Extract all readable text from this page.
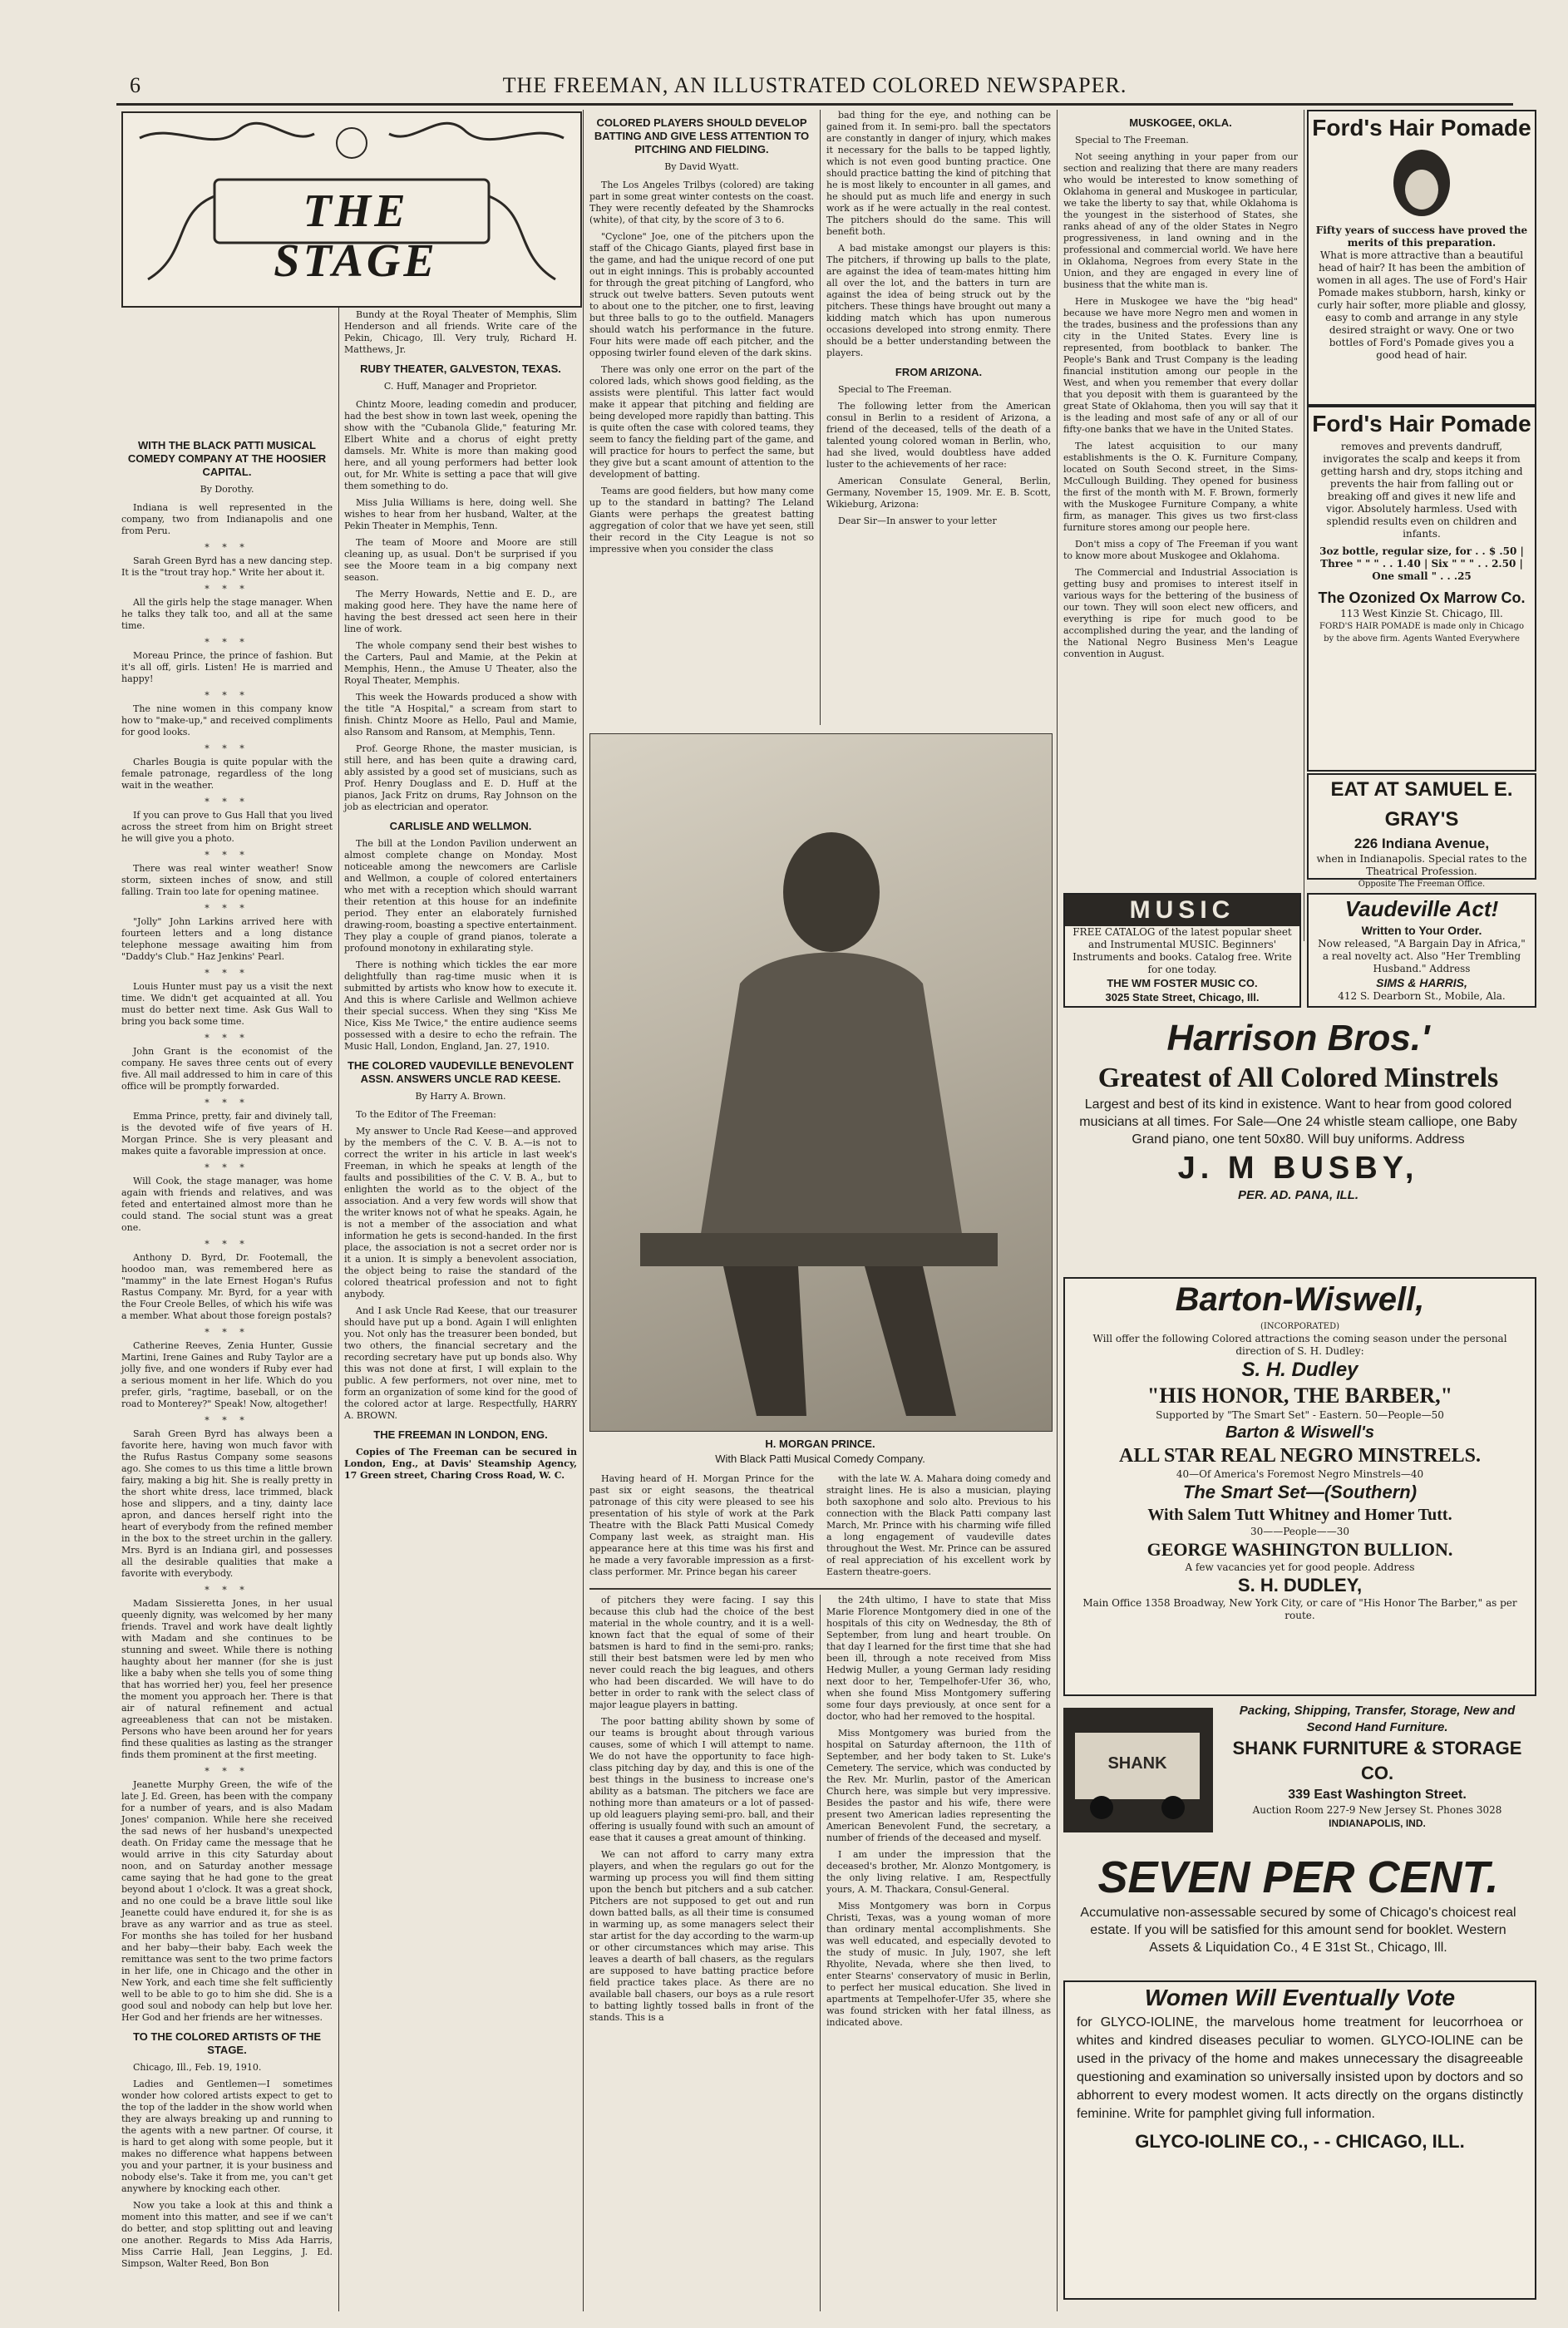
6	THE FREEMAN, AN ILLUSTRATED COLORED NEWSPAPER.
THE STAGE
WITH THE BLACK PATTI MUSICAL COMEDY COMPANY AT THE HOOSIER CAPITAL.
By Dorothy.

Indiana is well represented in the company, two from Indianapolis and one from Peru.

* * *

Sarah Green Byrd has a new dancing step. It is the "trout tray hop." Write her about it.

* * *

All the girls help the stage manager. When he talks they talk too, and all at the same time.

* * *

Moreau Prince, the prince of fashion. But it's all off, girls. Listen! He is married and happy!

* * *

The nine women in this company know how to "make-up," and received compliments for good looks.

* * *

Charles Bougia is quite popular with the female patronage, regardless of the long wait in the weather.

* * *

If you can prove to Gus Hall that you lived across the street from him on Bright street he will give you a photo.

* * *

There was real winter weather! Snow storm, sixteen inches of snow, and still falling. Train too late for opening matinee.

* * *

"Jolly" John Larkins arrived here with fourteen letters and a long distance telephone message awaiting him from "Daddy's Club." Haz Jenkins' Pearl.

* * *

Louis Hunter must pay us a visit the next time. We didn't get acquainted at all. You must do better next time. Ask Gus Wall to bring you back some time.

* * *

John Grant is the economist of the company. He saves three cents out of every five. All mail addressed to him in care of this office will be promptly forwarded.

* * *

Emma Prince, pretty, fair and divinely tall, is the devoted wife of five years of H. Morgan Prince. She is very pleasant and makes quite a favorable impression at once.

* * *

Will Cook, the stage manager, was home again with friends and relatives, and was feted and entertained almost more than he could stand. The social stunt was a great one.

* * *

Anthony D. Byrd, Dr. Footemall, the hoodoo man, was remembered here as "mammy" in the late Ernest Hogan's Rufus Rastus Company. Mr. Byrd, for a year with the Four Creole Belles, of which his wife was a member. What about those foreign postals?

* * *

Catherine Reeves, Zenia Hunter, Gussie Martini, Irene Gaines and Ruby Taylor are a jolly five, and one wonders if Ruby ever had a serious moment in her life. Which do you prefer, girls, "ragtime, baseball, or on the road to Monterey?" Speak! Now, altogether!

* * *

Sarah Green Byrd has always been a favorite here, having won much favor with the Rufus Rastus Company some seasons ago. She comes to us this time a little brown fairy, making a big hit. She is really pretty in the short white dress, lace trimmed, black hose and slippers, and a tiny, dainty lace apron, and dances herself right into the heart of everybody from the refined member in the box to the street urchin in the gallery. Mrs. Byrd is an Indiana girl, and possesses all the desirable qualities that make a favorite with everybody.

* * *

Madam Sissieretta Jones, in her usual queenly dignity, was welcomed by her many friends. Travel and work have dealt lightly with Madam and she continues to be stunning and sweet. While there is nothing haughty about her manner (for she is just like a baby when she tells you of some thing that has worried her) you, feel her presence the moment you approach her. There is that air of natural refinement and actual agreeableness that can not be mistaken. Persons who have been around her for years find these qualities as lasting as the stranger finds them prominent at the first meeting.

* * *

Jeanette Murphy Green, the wife of the late J. Ed. Green, has been with the company for a number of years, and is also Madam Jones' companion. While here she received the sad news of her husband's unexpected death. On Friday came the message that he would arrive in this city Saturday about noon, and on Saturday another message came saying that he had gone to the great beyond about 1 o'clock. It was a great shock, and no one could be a brave little soul like Jeanette could have endured it, for she is as brave as any warrior and as true as steel. For months she has toiled for her husband and her baby—their baby. Each week the remittance was sent to the two prime factors in her life, one in Chicago and the other in New York, and each time she felt sufficiently well to be able to go to him she did. She is a good soul and nobody can help but love her. Her God and her friends are her witnesses.

TO THE COLORED ARTISTS OF THE STAGE.

Chicago, Ill., Feb. 19, 1910.

Ladies and Gentlemen—I sometimes wonder how colored artists expect to get to the top of the ladder in the show world when they are always breaking up and running to the agents with a new partner. Of course, it is hard to get along with some people, but it makes no difference what happens between you and your partner, it is your business and nobody else's. Take it from me, you can't get anywhere by knocking each other.

Now you take a look at this and think a moment into this matter, and see if we can't do better, and stop splitting out and leaving one another. Regards to Miss Ada Harris, Miss Carrie Hall, Jean Leggins, J. Ed. Simpson, Walter Reed, Bon Bon

Bundy at the Royal Theater of Memphis, Slim Henderson and all friends. Write care of the Pekin, Chicago, Ill. Very truly, Richard H. Matthews, Jr.

RUBY THEATER, GALVESTON, TEXAS.
C. Huff, Manager and Proprietor.

Chintz Moore, leading comedin and producer, had the best show in town last week, opening the show with the "Cubanola Glide," featuring Mr. Elbert White and a chorus of eight pretty damsels. Mr. White is more than making good here, and all young performers had better look out, for Mr. White is setting a pace that will give them something to do.

Miss Julia Williams is here, doing well. She wishes to hear from her husband, Walter, at the Pekin Theater in Memphis, Tenn.

The team of Moore and Moore are still cleaning up, as usual. Don't be surprised if you see the Moore team in a big company next season.

The Merry Howards, Nettie and E. D., are making good here. They have the name here of having the best dressed act seen here in their line of work.

The whole company send their best wishes to the Carters, Paul and Mamie, at the Pekin at Memphis, Henn., the Amuse U Theater, also the Royal Theater, Memphis.

This week the Howards produced a show with the title "A Hospital," a scream from start to finish. Chintz Moore as Hello, Paul and Mamie, also Ransom and Ransom, at Memphis, Tenn.

Prof. George Rhone, the master musician, is still here, and has been quite a drawing card, ably assisted by a good set of musicians, such as Prof. Henry Douglass and E. D. Huff at the pianos, Jack Fritz on drums, Ray Johnson on the job as electrician and operator.

CARLISLE AND WELLMON.

The bill at the London Pavilion underwent an almost complete change on Monday. Most noticeable among the newcomers are Carlisle and Wellmon, a couple of colored entertainers who met with a reception which should warrant their retention at this house for an indefinite period. They enter an elaborately furnished drawing-room, boasting a spective entertainment. They play a couple of grand pianos, tolerate a profound monotony in exhilarating style.

There is nothing which tickles the ear more delightfully than rag-time music when it is submitted by artists who know how to execute it. And this is where Carlisle and Wellmon achieve their special success. When they sing "Kiss Me Nice, Kiss Me Twice," the entire audience seems possessed with a desire to echo the refrain. The Music Hall, London, England, Jan. 27, 1910.

THE COLORED VAUDEVILLE BENEVOLENT ASSN. ANSWERS UNCLE RAD KEESE.
By Harry A. Brown.

To the Editor of The Freeman:

My answer to Uncle Rad Keese—and approved by the members of the C. V. B. A.—is not to correct the writer in his article in last week's Freeman, in which he speaks at length of the faults and possibilities of the C. V. B. A., but to enlighten the world as to the object of the association. And a very few words will show that the writer knows not of what he speaks. Again, he is not a member of the association and what information he gets is second-handed. In the first place, the association is not a secret order nor is it a union. It is simply a benevolent association, the object being to raise the standard of the colored theatrical profession and not to fight anybody.

And I ask Uncle Rad Keese, that our treasurer should have put up a bond. Again I will enlighten you. Not only has the treasurer been bonded, but two others, the financial secretary and the recording secretary have put up bonds also. Why this was not done at first, I will explain to the public. A few performers, not over nine, met to form an organization of some kind for the good of the colored actor at large. Respectfully, HARRY A. BROWN.

THE FREEMAN IN LONDON, ENG.

Copies of The Freeman can be secured in London, Eng., at Davis' Steamship Agency, 17 Green street, Charing Cross Road, W. C.

COLORED PLAYERS SHOULD DEVELOP BATTING AND GIVE LESS ATTENTION TO PITCHING AND FIELDING.
By David Wyatt.

The Los Angeles Trilbys (colored) are taking part in some great winter contests on the coast. They were recently defeated by the Shamrocks (white), of that city, by the score of 3 to 6.

"Cyclone" Joe, one of the pitchers upon the staff of the Chicago Giants, played first base in the game, and had the unique record of one put out in eight innings. This is probably accounted for through the great pitching of Langford, who struck out twelve batters. Seven putouts went to about one to the pitcher, one to first, leaving but three balls to go to the outfield. Managers should watch his performance in the future. Four hits were made off each pitcher, and the opposing twirler found eleven of the dark skins.

There was only one error on the part of the colored lads, which shows good fielding, as the assists were plentiful. This latter fact would make it appear that pitching and fielding are being developed more rapidly than batting. This is quite often the case with colored teams, they seem to fancy the fielding part of the game, and will practice for hours to perfect the same, but they give but a scant amount of attention to the development of batting.

Teams are good fielders, but how many come up to the standard in batting? The Leland Giants were perhaps the greatest batting aggregation of color that we have yet seen, still their record in the City League is not so impressive when you consider the class

bad thing for the eye, and nothing can be gained from it. In semi-pro. ball the spectators are constantly in danger of injury, which makes it necessary for the balls to be tapped lightly, which is not even good bunting practice. One should practice batting the kind of pitching that he is most likely to encounter in all games, and he should put as much life and energy in such work as if he were actually in the real contest. The pitchers should do the same. This will benefit both.

A bad mistake amongst our players is this: The pitchers, if throwing up balls to the plate, are against the idea of team-mates hitting him all over the lot, and the batters in turn are against the idea of being struck out by the pitchers. These things have brought out many a kidding match which has upon numerous occasions developed into strong enmity. There should be a better understanding between the players.

FROM ARIZONA.

Special to The Freeman.

The following letter from the American consul in Berlin to a resident of Arizona, a friend of the deceased, tells of the death of a talented young colored woman in Berlin, who, had she lived, would doubtless have added luster to the achievements of her race:

American Consulate General, Berlin, Germany, November 15, 1909. Mr. E. B. Scott, Wikieburg, Arizona:

Dear Sir—In answer to your letter

MUSKOGEE, OKLA.

Special to The Freeman.

Not seeing anything in your paper from our section and realizing that there are many readers who would be interested to know something of Oklahoma in general and Muskogee in particular, we take the liberty to say that, while Oklahoma is the youngest in the sisterhood of States, she ranks ahead of any of the older States in Negro progressiveness, in land owning and in the professional and commercial world. We have here in Oklahoma, Negroes from every State in the Union, and they are engaged in every line of business that the white man is.

Here in Muskogee we have the "big head" because we have more Negro men and women in the trades, business and the professions than any city in the United States. Every line is represented, from bootblack to banker. The People's Bank and Trust Company is the leading financial institution among our people in the West, and when you remember that every dollar that you deposit with them is guaranteed by the great State of Oklahoma, then you will say that it is the leading and most safe of any or all of our fifty-one banks that we have in the United States.

The latest acquisition to our many establishments is the O. K. Furniture Company, located on South Second street, in the Sims-McCullough Building. They opened for business the first of the month with M. F. Brown, formerly with the Muskogee Furniture Company, a white firm, as manager. This gives us two first-class furniture stores among our people here.

Don't miss a copy of The Freeman if you want to know more about Muskogee and Oklahoma.

The Commercial and Industrial Association is getting busy and promises to interest itself in various ways for the bettering of the business of our town. They will soon elect new officers, and everything is ripe for much good to be accomplished during the year, and the landing of the National Negro Business Men's League convention in August.

H. MORGAN PRINCE.
With Black Patti Musical Comedy Company.

Having heard of H. Morgan Prince for the past six or eight seasons, the theatrical patronage of this city were pleased to see his presentation of his style of work at the Park Theatre with the Black Patti Musical Comedy Company last week, as straight man. His appearance here at this time was his first and he made a very favorable impression as a first-class performer. Mr. Prince began his career

with the late W. A. Mahara doing comedy and straight lines. He is also a musician, playing both saxophone and solo alto. Previous to his connection with the Black Patti company last March, Mr. Prince with his charming wife filled a long engagement of vaudeville dates throughout the West. Mr. Prince can be assured of real appreciation of his excellent work by Eastern theatre-goers.

of pitchers they were facing. I say this because this club had the choice of the best material in the whole country, and it is a well-known fact that the equal of some of their batsmen is hard to find in the semi-pro. ranks; still their best batsmen were led by men who never could reach the big leagues, and others who had been discarded. We will have to do better in order to rank with the select class of major league players in batting.

The poor batting ability shown by some of our teams is brought about through various causes, some of which I will attempt to name. We do not have the opportunity to face high-class pitching day by day, and this is one of the best things in the business to increase one's ability as a batsman. The pitchers we face are nothing more than amateurs or a lot of passed-up old leaguers playing semi-pro. ball, and their offering is usually found with such an amount of ease that it causes a great amount of thinking.

We can not afford to carry many extra players, and when the regulars go out for the warming up process you will find them sitting upon the bench but pitchers and a sub catcher. Pitchers are not supposed to get out and run down batted balls, as all their time is consumed in warming up, as some managers select their star artist for the day according to the warm-up or other circumstances which may arise. This leaves a dearth of ball chasers, as the regulars are supposed to have batting practice before field practice takes place. As there are no available ball chasers, our boys as a rule resort to batting lightly tossed balls in front of the stands. This is a

the 24th ultimo, I have to state that Miss Marie Florence Montgomery died in one of the hospitals of this city on Wednesday, the 8th of September, from lung and heart trouble. On that day I learned for the first time that she had been ill, through a note received from Miss Hedwig Muller, a young German lady residing next door to her, Tempelhofer-Ufer 36, who, when she found Miss Montgomery suffering some four days previously, at once sent for a doctor, who had her removed to the hospital.

Miss Montgomery was buried from the hospital on Saturday afternoon, the 11th of September, and her body taken to St. Luke's Cemetery. The service, which was conducted by the Rev. Mr. Murlin, pastor of the American Church here, was simple but very impressive. Besides the pastor and his wife, there were present two American ladies representing the American Benevolent Fund, the secretary, a number of friends of the deceased and myself.

I am under the impression that the deceased's brother, Mr. Alonzo Montgomery, is the only living relative. I am, Respectfully yours, A. M. Thackara, Consul-General.

Miss Montgomery was born in Corpus Christi, Texas, was a young woman of more than ordinary mental accomplishments. She was well educated, and especially devoted to the study of music. In July, 1907, she left Rhyolite, Nevada, where she then lived, to enter Stearns' conservatory of music in Berlin, to perfect her musical education. She lived in apartments at Tempelhofer-Ufer 35, where she was found stricken with her fatal illness, as indicated above.

Ford's Hair Pomade
Fifty years of success have proved the merits of this preparation.
What is more attractive than a beautiful head of hair? It has been the ambition of women in all ages. The use of Ford's Hair Pomade makes stubborn, harsh, kinky or curly hair softer, more pliable and glossy, easy to comb and arrange in any style desired straight or wavy. One or two bottles of Ford's Pomade gives you a good head of hair.
Ford's Hair Pomade
removes and prevents dandruff, invigorates the scalp and keeps it from getting harsh and dry, stops itching and prevents the hair from falling out or breaking off and gives it new life and vigor. Absolutely harmless. Used with splendid results even on children and infants.
3oz bottle, regular size, for . . $ .50 | Three " " " . . 1.40 | Six " " " . . 2.50 | One small " . . .25
The Ozonized Ox Marrow Co.
113 West Kinzie St. Chicago, Ill.
FORD'S HAIR POMADE is made only in Chicago by the above firm. Agents Wanted Everywhere
EAT AT SAMUEL E. GRAY'S
226 Indiana Avenue,
when in Indianapolis. Special rates to the Theatrical Profession.
Opposite The Freeman Office.
MUSIC
FREE CATALOG of the latest popular sheet and Instrumental MUSIC. Beginners' Instruments and books. Catalog free. Write for one today.
THE WM FOSTER MUSIC CO.
3025 State Street, Chicago, Ill.
Vaudeville Act!
Written to Your Order.
Now released, "A Bargain Day in Africa," a real novelty act. Also "Her Trembling Husband." Address
SIMS & HARRIS,
412 S. Dearborn St., Mobile, Ala.
Harrison Bros.'
Greatest of All Colored Minstrels
Largest and best of its kind in existence. Want to hear from good colored musicians at all times. For Sale—One 24 whistle steam calliope, one Baby Grand piano, one tent 50x80. Will buy uniforms. Address
J. M BUSBY,
PER. AD. PANA, ILL.
Barton-Wiswell,
(INCORPORATED)
Will offer the following Colored attractions the coming season under the personal direction of S. H. Dudley:
S. H. Dudley
"HIS HONOR, THE BARBER,"
Supported by "The Smart Set" - Eastern. 50—People—50
Barton & Wiswell's
ALL STAR REAL NEGRO MINSTRELS.
40—Of America's Foremost Negro Minstrels—40
The Smart Set—(Southern)
With Salem Tutt Whitney and Homer Tutt.
30——People——30
GEORGE WASHINGTON BULLION.
A few vacancies yet for good people. Address
S. H. DUDLEY,
Main Office 1358 Broadway, New York City, or care of "His Honor The Barber," as per route.
SHANK
Packing, Shipping, Transfer, Storage, New and Second Hand Furniture.
SHANK FURNITURE & STORAGE CO.
339 East Washington Street.
Auction Room 227-9 New Jersey St. Phones 3028
INDIANAPOLIS, IND.
SEVEN PER CENT.
Accumulative non-assessable secured by some of Chicago's choicest real estate. If you will be satisfied for this amount send for booklet. Western Assets & Liquidation Co., 4 E 31st St., Chicago, Ill.
Women Will Eventually Vote
for GLYCO-IOLINE, the marvelous home treatment for leucorrhoea or whites and kindred diseases peculiar to women. GLYCO-IOLINE can be used in the privacy of the home and makes unnecessary the disagreeable questioning and examination so universally insisted upon by doctors and so abhorrent to every modest women. It acts directly on the organs distinctly feminine. Write for pamphlet giving full information.
GLYCO-IOLINE CO., - - CHICAGO, ILL.
